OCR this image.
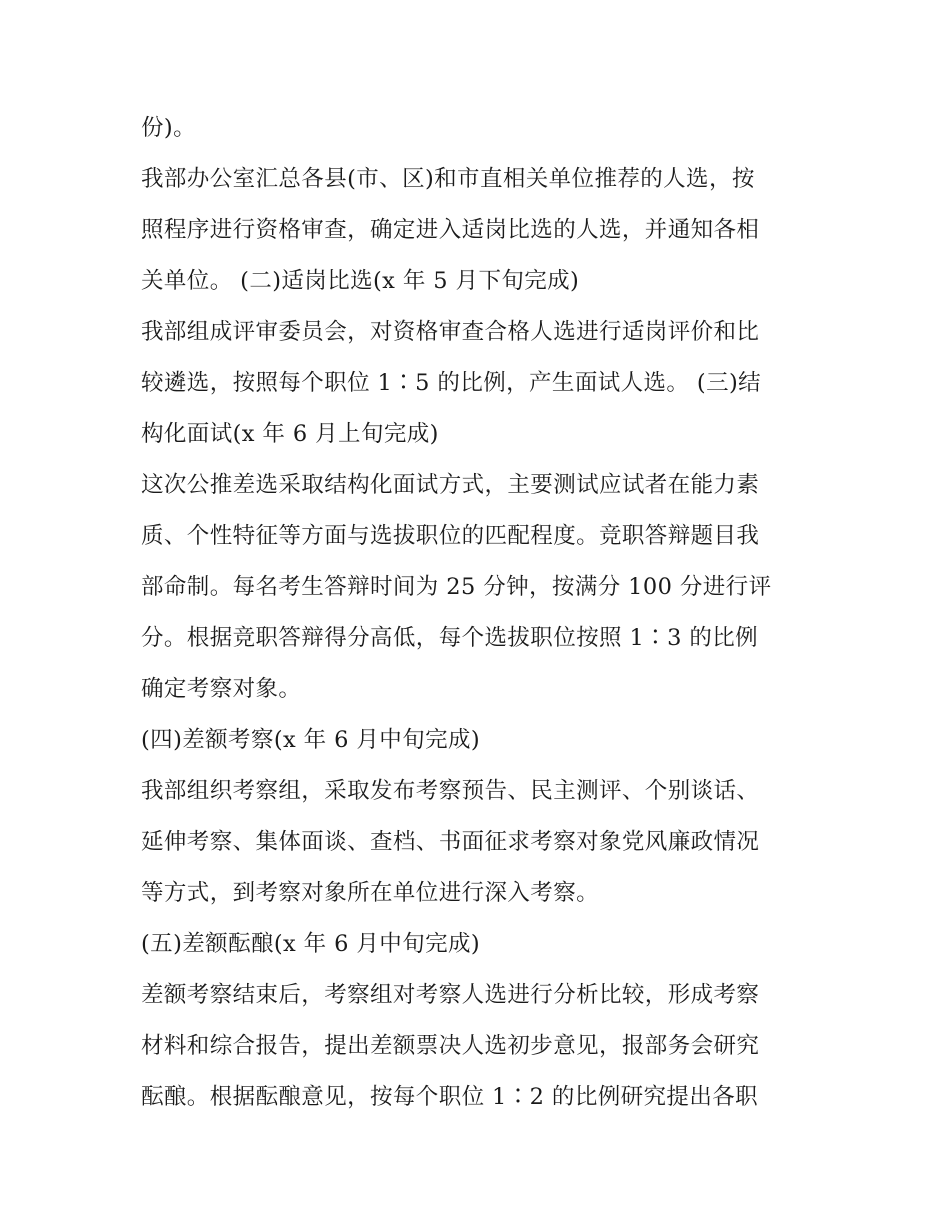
份)。
我部办公室汇总各县(市、区)和市直相关单位推荐的人选，按
照程序进行资格审查，确定进入适岗比选的人选，并通知各相
关单位。 (二)适岗比选(x 年 5 月下旬完成)
我部组成评审委员会，对资格审查合格人选进行适岗评价和比
较遴选，按照每个职位 1∶5 的比例，产生面试人选。 (三)结
构化面试(x 年 6 月上旬完成)
这次公推差选采取结构化面试方式，主要测试应试者在能力素
质、个性特征等方面与选拔职位的匹配程度。竞职答辩题目我
部命制。每名考生答辩时间为 25 分钟，按满分 100 分进行评
分。根据竞职答辩得分高低，每个选拔职位按照 1∶3 的比例
确定考察对象。
(四)差额考察(x 年 6 月中旬完成)
我部组织考察组，采取发布考察预告、民主测评、个别谈话、
延伸考察、集体面谈、查档、书面征求考察对象党风廉政情况
等方式，到考察对象所在单位进行深入考察。
(五)差额酝酿(x 年 6 月中旬完成)
差额考察结束后，考察组对考察人选进行分析比较，形成考察
材料和综合报告，提出差额票决人选初步意见，报部务会研究
酝酿。根据酝酿意见，按每个职位 1∶2 的比例研究提出各职
